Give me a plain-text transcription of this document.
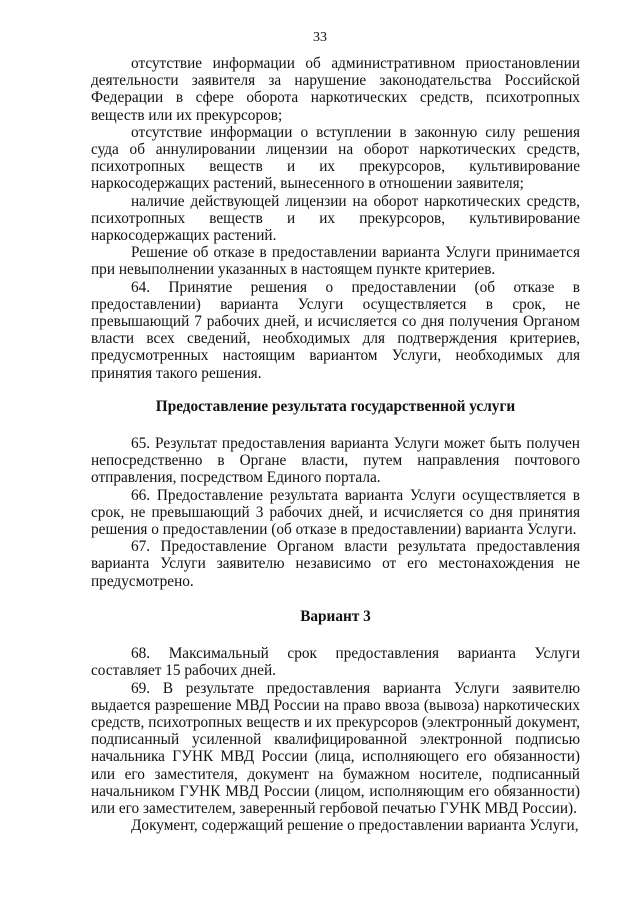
33

отсутствие информации об административном приостановлении деятельности заявителя за нарушение законодательства Российской Федерации в сфере оборота наркотических средств, психотропных веществ или их прекурсоров;

отсутствие информации о вступлении в законную силу решения суда об аннулировании лицензии на оборот наркотических средств, психотропных веществ и их прекурсоров, культивирование наркосодержащих растений, вынесенного в отношении заявителя;

наличие действующей лицензии на оборот наркотических средств, психотропных веществ и их прекурсоров, культивирование наркосодержащих растений.

Решение об отказе в предоставлении варианта Услуги принимается при невыполнении указанных в настоящем пункте критериев.

64. Принятие решения о предоставлении (об отказе в предоставлении) варианта Услуги осуществляется в срок, не превышающий 7 рабочих дней, и исчисляется со дня получения Органом власти всех сведений, необходимых для подтверждения критериев, предусмотренных настоящим вариантом Услуги, необходимых для принятия такого решения.

Предоставление результата государственной услуги

65. Результат предоставления варианта Услуги может быть получен непосредственно в Органе власти, путем направления почтового отправления, посредством Единого портала.

66. Предоставление результата варианта Услуги осуществляется в срок, не превышающий 3 рабочих дней, и исчисляется со дня принятия решения о предоставлении (об отказе в предоставлении) варианта Услуги.

67. Предоставление Органом власти результата предоставления варианта Услуги заявителю независимо от его местонахождения не предусмотрено.

Вариант 3

68. Максимальный срок предоставления варианта Услуги составляет 15 рабочих дней.

69. В результате предоставления варианта Услуги заявителю выдается разрешение МВД России на право ввоза (вывоза) наркотических средств, психотропных веществ и их прекурсоров (электронный документ, подписанный усиленной квалифицированной электронной подписью начальника ГУНК МВД России (лица, исполняющего его обязанности) или его заместителя, документ на бумажном носителе, подписанный начальником ГУНК МВД России (лицом, исполняющим его обязанности) или его заместителем, заверенный гербовой печатью ГУНК МВД России).

Документ, содержащий решение о предоставлении варианта Услуги,
